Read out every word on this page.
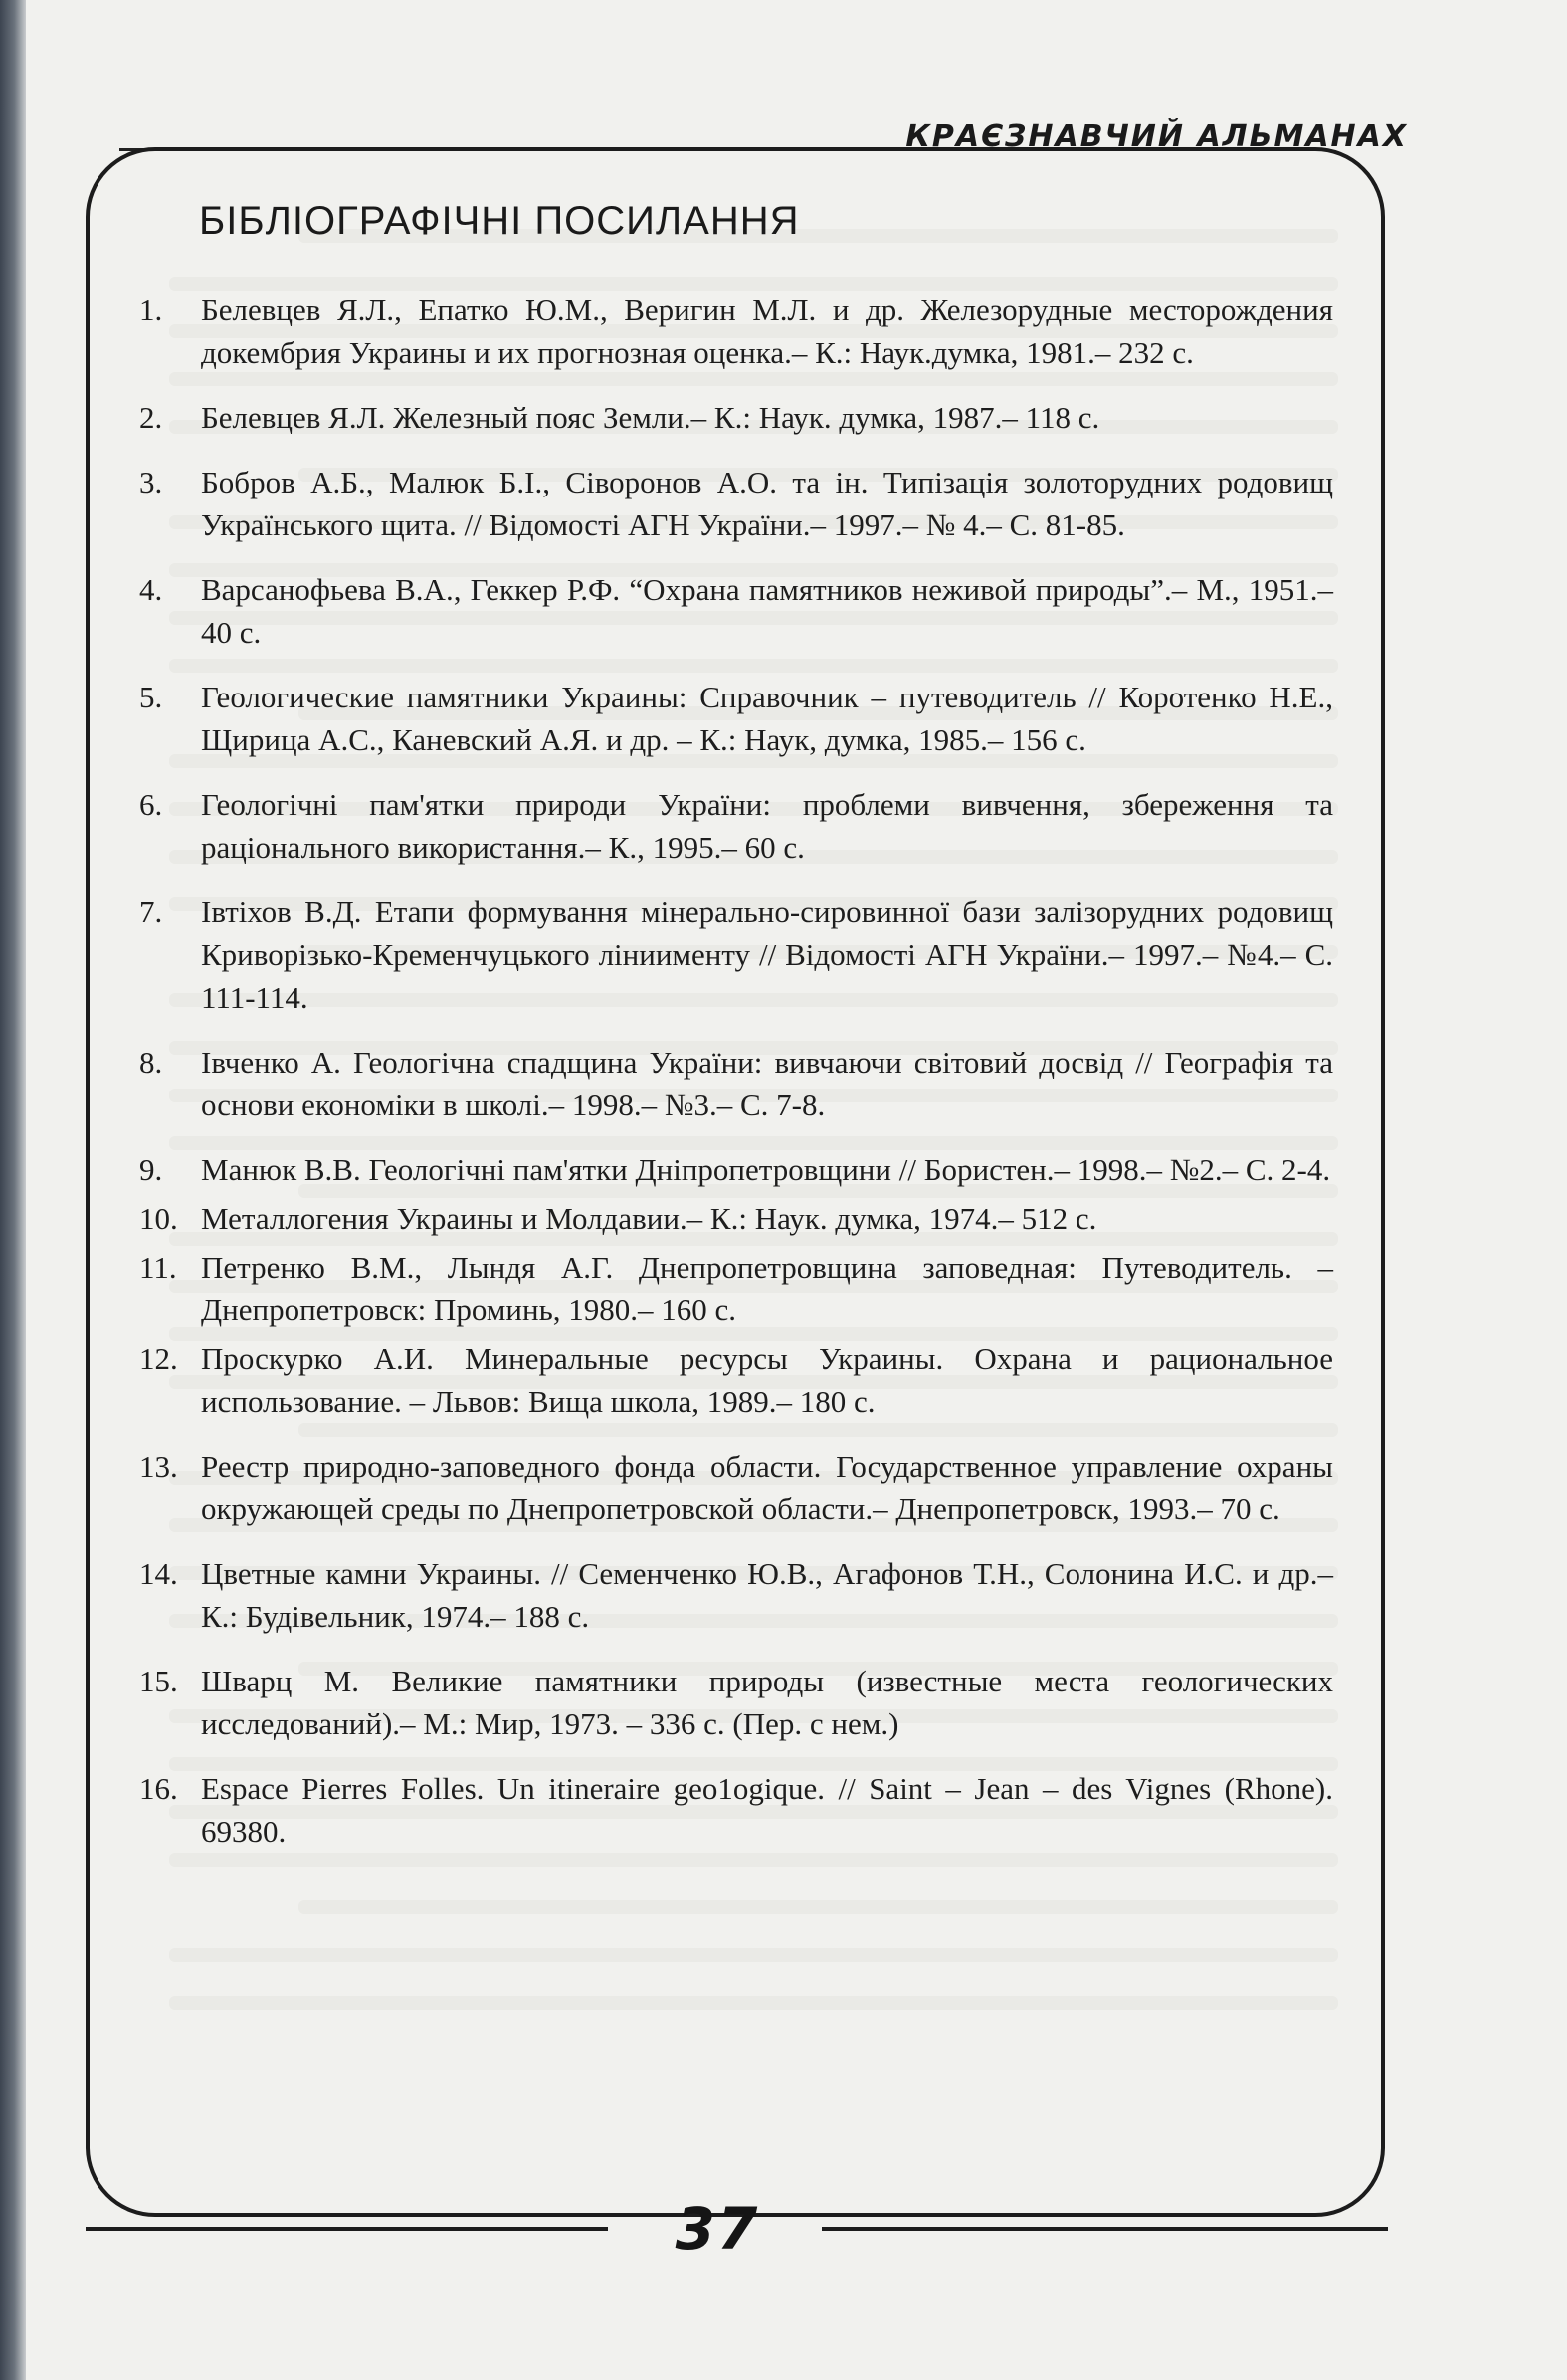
КРАЄЗНАВЧИЙ АЛЬМАНАХ
БІБЛІОГРАФІЧНІ ПОСИЛАННЯ
1.	Белевцев Я.Л., Епатко Ю.М., Веригин М.Л. и др. Железорудные месторождения докембрия Украины и их прогнозная оценка.– К.: Наук.думка, 1981.– 232 с.
2.	Белевцев Я.Л. Железный пояс Земли.– К.: Наук. думка, 1987.– 118 с.
3.	Бобров А.Б., Малюк Б.І., Сіворонов А.О. та ін. Типізація золоторудних родовищ Українського щита. // Відомості АГН України.– 1997.– № 4.– С. 81-85.
4.	Варсанофьева В.А., Геккер Р.Ф. “Охрана памятников неживой природы”.– М., 1951.– 40 с.
5.	Геологические памятники Украины: Справочник – путеводитель // Коротенко Н.Е., Щирица А.С., Каневский А.Я. и др. – К.: Наук, думка, 1985.– 156 с.
6.	Геологічні пам'ятки природи України: проблеми вивчення, збереження та раціонального використання.– К., 1995.– 60 с.
7.	Івтіхов В.Д. Етапи формування мінерально-сировинної бази залізорудних родовищ Криворізько-Кременчуцького ліниименту // Відомості АГН України.– 1997.– №4.– С. 111-114.
8.	Івченко А. Геологічна спадщина України: вивчаючи світовий досвід // Географія та основи економіки в школі.– 1998.– №3.– С. 7-8.
9.	Манюк В.В. Геологічні пам'ятки Дніпропетровщини // Бористен.– 1998.– №2.– С. 2-4.
10. Металлогения Украины и Молдавии.– К.: Наук. думка, 1974.– 512 с.
11. Петренко В.М., Лындя А.Г. Днепропетровщина заповедная: Путеводитель. – Днепропетровск: Проминь, 1980.– 160 с.
12. Проскурко А.И. Минеральные ресурсы Украины. Охрана и рациональное использование. – Львов: Вища школа, 1989.– 180 с.
13. Реестр природно-заповедного фонда области. Государственное управление охраны окружающей среды по Днепропетровской области.– Днепропетровск, 1993.– 70 с.
14. Цветные камни Украины. // Семенченко Ю.В., Агафонов Т.Н., Солонина И.С. и др.– К.: Будівельник, 1974.– 188 с.
15. Шварц М. Великие памятники природы (известные места геологических исследований).– М.: Мир, 1973. – 336 с. (Пер. с нем.)
16. Espace Pierres Folles. Un itineraire geo1ogique. // Saint – Jean – des Vignes (Rhone). 69380.
37
